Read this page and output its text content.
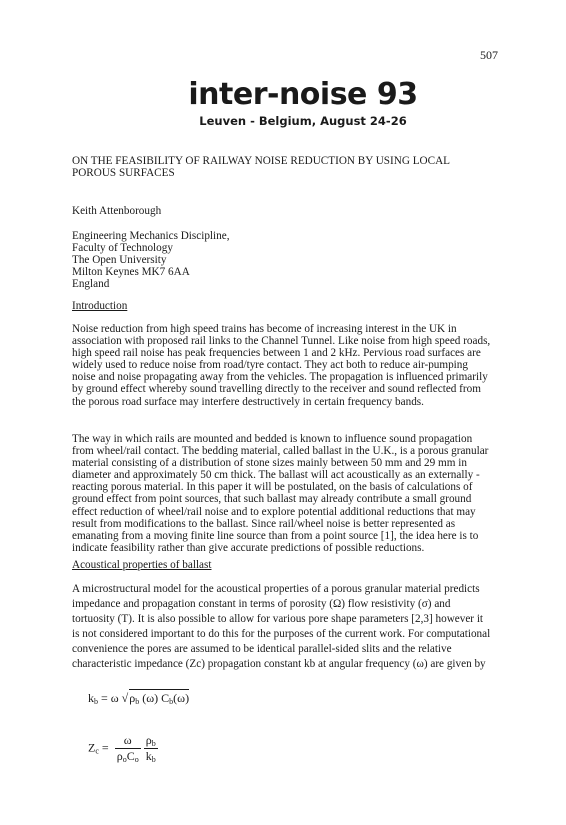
507
inter-noise 93
Leuven - Belgium, August 24-26
ON THE FEASIBILITY OF RAILWAY NOISE REDUCTION BY USING LOCAL POROUS SURFACES
Keith Attenborough
Engineering Mechanics Discipline,
Faculty of Technology
The Open University
Milton Keynes MK7 6AA
England
Introduction
Noise reduction from high speed trains has become of increasing interest in the UK in association with proposed rail links to the Channel Tunnel. Like noise from high speed roads, high speed rail noise has peak frequencies between 1 and 2 kHz. Pervious road surfaces are widely used to reduce noise from road/tyre contact. They act both to reduce air-pumping noise and noise propagating away from the vehicles. The propagation is influenced primarily by ground effect whereby sound travelling directly to the receiver and sound reflected from the porous road surface may interfere destructively in certain frequency bands.
The way in which rails are mounted and bedded is known to influence sound propagation from wheel/rail contact. The bedding material, called ballast in the U.K., is a porous granular material consisting of a distribution of stone sizes mainly between 50 mm and 29 mm in diameter and approximately 50 cm thick. The ballast will act acoustically as an externally - reacting porous material. In this paper it will be postulated, on the basis of calculations of ground effect from point sources, that such ballast may already contribute a small ground effect reduction of wheel/rail noise and to explore potential additional reductions that may result from modifications to the ballast. Since rail/wheel noise is better represented as emanating from a moving finite line source than from a point source [1], the idea here is to indicate feasibility rather than give accurate predictions of possible reductions.
Acoustical properties of ballast
A microstructural model for the acoustical properties of a porous granular material predicts impedance and propagation constant in terms of porosity (Ω) flow resistivity (σ) and tortuosity (T). It is also possible to allow for various pore shape parameters [2,3] however it is not considered important to do this for the purposes of the current work. For computational convenience the pores are assumed to be identical parallel-sided slits and the relative characteristic impedance (Zc) propagation constant kb at angular frequency (ω) are given by
$k_b = \omega$ $√\rho_b$ (ω) $C_b(\omega)$
$Z_c = \frac{\omega}{\rho_oC_o}$
$\frac{\rho_b}{k_b}$
